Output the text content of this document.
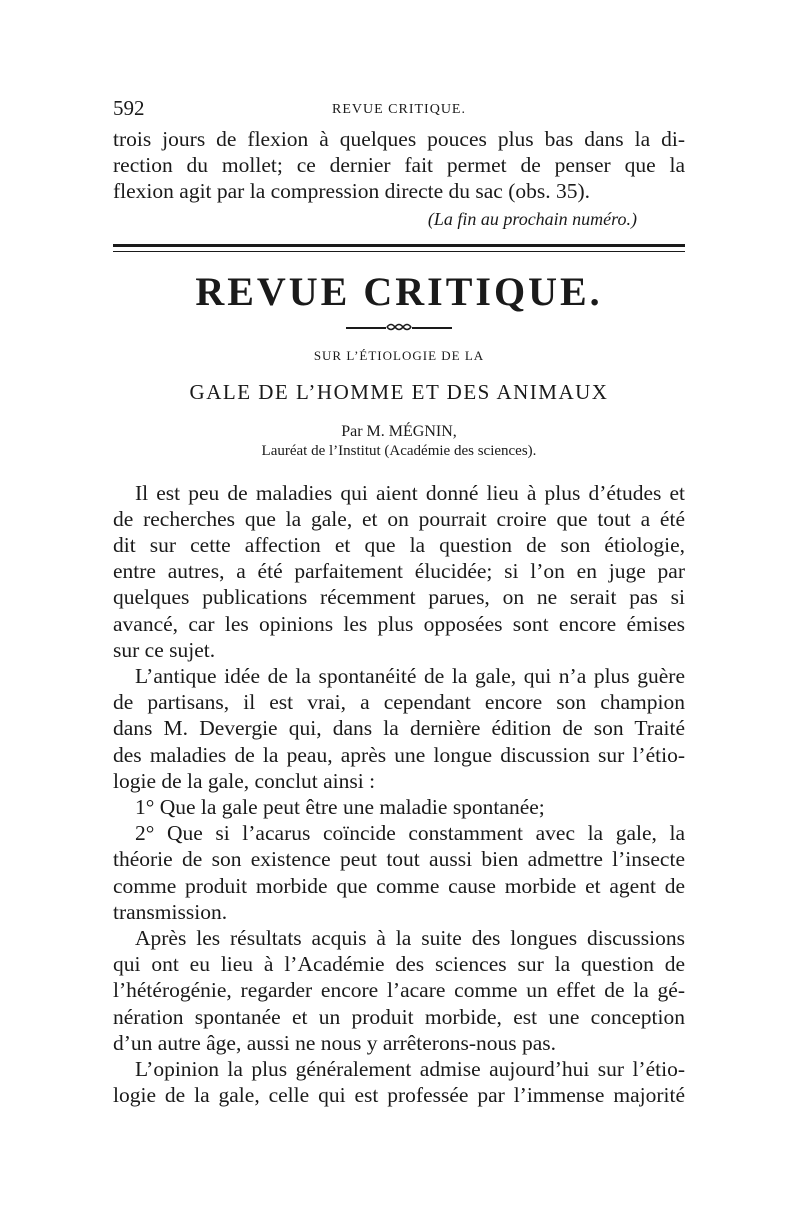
592	REVUE CRITIQUE.
trois jours de flexion à quelques pouces plus bas dans la di-
rection du mollet; ce dernier fait permet de penser que la
flexion agit par la compression directe du sac (obs. 35).
(La fin au prochain numéro.)
REVUE CRITIQUE.
SUR L’ÉTIOLOGIE DE LA
GALE DE L’HOMME ET DES ANIMAUX
Par M. MÉGNIN,
Lauréat de l’Institut (Académie des sciences).
Il est peu de maladies qui aient donné lieu à plus d’études et
de recherches que la gale, et on pourrait croire que tout a été
dit sur cette affection et que la question de son étiologie,
entre autres, a été parfaitement élucidée; si l’on en juge par
quelques publications récemment parues, on ne serait pas si
avancé, car les opinions les plus opposées sont encore émises
sur ce sujet.
L’antique idée de la spontanéité de la gale, qui n’a plus guère
de partisans, il est vrai, a cependant encore son champion
dans M. Devergie qui, dans la dernière édition de son Traité
des maladies de la peau, après une longue discussion sur l’étio-
logie de la gale, conclut ainsi :
1° Que la gale peut être une maladie spontanée;
2° Que si l’acarus coïncide constamment avec la gale, la
théorie de son existence peut tout aussi bien admettre l’insecte
comme produit morbide que comme cause morbide et agent de
transmission.
Après les résultats acquis à la suite des longues discussions
qui ont eu lieu à l’Académie des sciences sur la question de
l’hétérogénie, regarder encore l’acare comme un effet de la gé-
nération spontanée et un produit morbide, est une conception
d’un autre âge, aussi ne nous y arrêterons-nous pas.
L’opinion la plus généralement admise aujourd’hui sur l’étio-
logie de la gale, celle qui est professée par l’immense majorité
